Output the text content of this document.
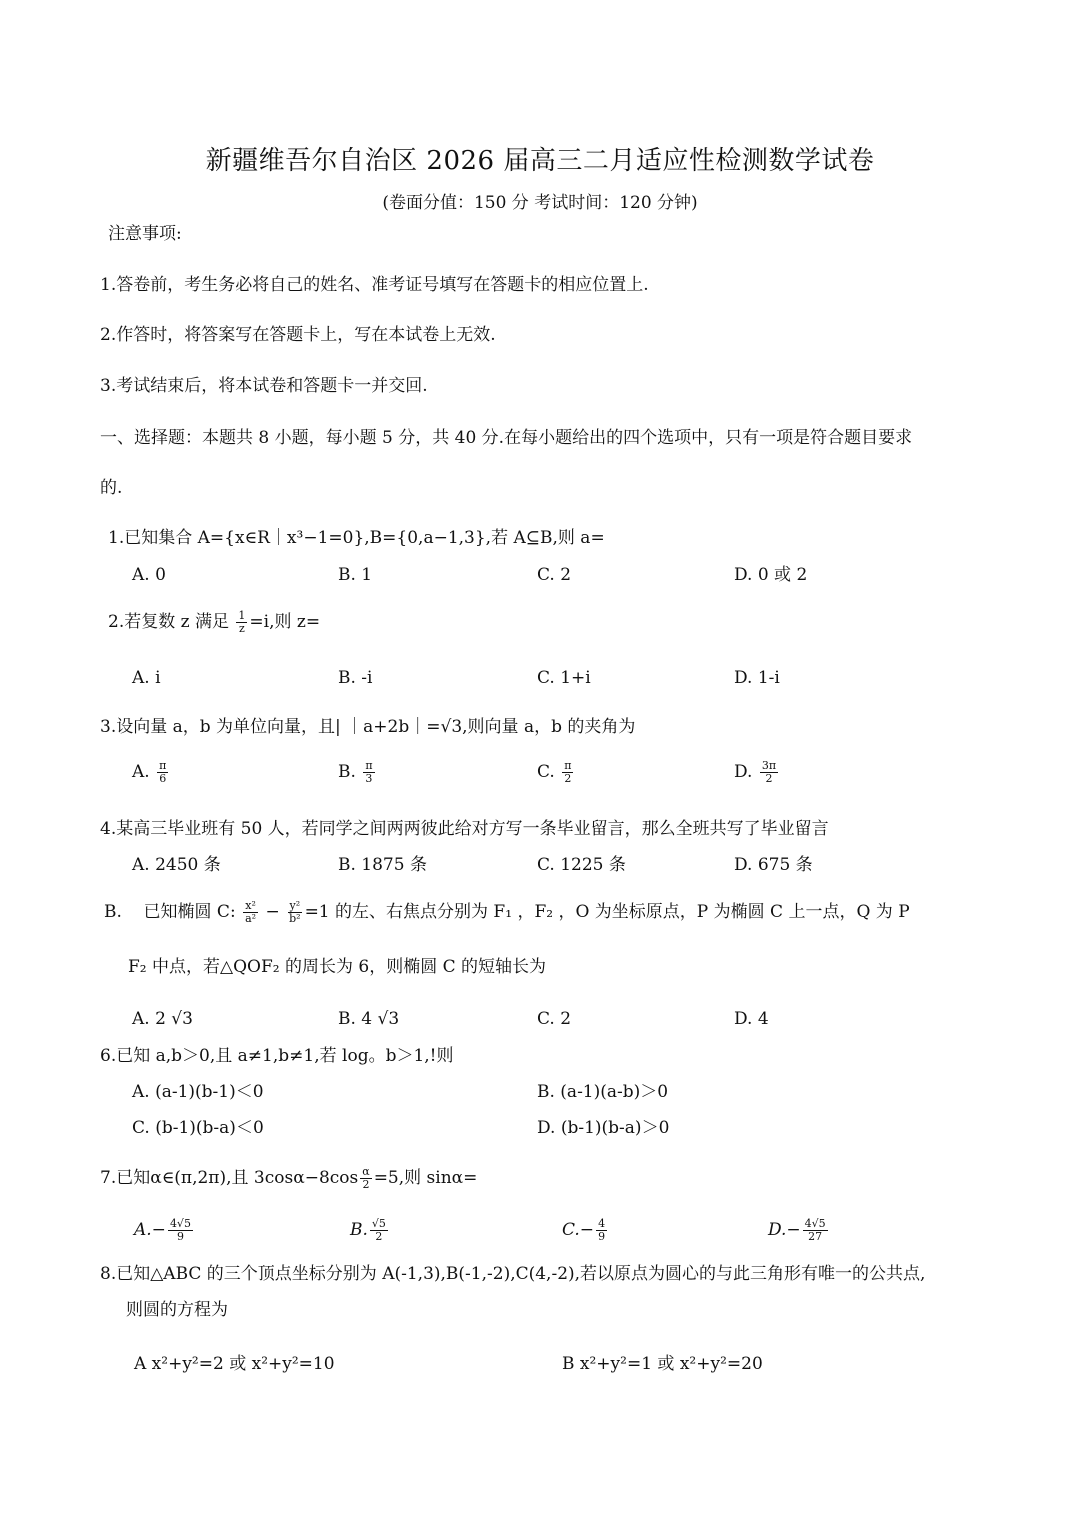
新疆维吾尔自治区 2026 届高三二月适应性检测数学试卷
(卷面分值：150 分 考试时间：120 分钟)
注意事项:
1.答卷前，考生务必将自己的姓名、准考证号填写在答题卡的相应位置上.
2.作答时，将答案写在答题卡上，写在本试卷上无效.
3.考试结束后，将本试卷和答题卡一并交回.
一、选择题：本题共 8 小题，每小题 5 分，共 40 分.在每小题给出的四个选项中，只有一项是符合题目要求
的.
1.已知集合 A={x∈R｜x³−1=0},B={0,a−1,3},若 A⊆B,则 a=
A. 0	B. 1	C. 2	D. 0 或 2
2.若复数 z 满足 $\frac{1}{z} =i$,则 z=
A. i	B. -i	C. 1+i	D. 1-i
3.设向量 a，b 为单位向量，且| ｜a+2b｜=√3,则向量 a，b 的夹角为
A. $\frac{\pi}{6}$	B. $\frac{\pi}{3}$	C. $\frac{\pi}{2}$	D. $\frac{3\pi}{2}$
4.某高三毕业班有 50 人，若同学之间两两彼此给对方写一条毕业留言，那么全班共写了毕业留言
A. 2450 条	B. 1875 条	C. 1225 条	D. 675 条
B. 已知椭圆 C: $\frac{\text{x²}}{\text{a²}} - \frac{\text{y²}}{\text{b²}} =1$ 的左、右焦点分别为 F₁ ，F₂ ，O 为坐标原点，P 为椭圆 C 上一点，Q 为 P
F₂ 中点，若△QOF₂ 的周长为 6，则椭圆 C 的短轴长为
A. 2 √3	B. 4 √3	C. 2	D. 4
6.已知 a,b＞0,且 a≠1,b≠1,若 log。b＞1,!则
A. (a-1)(b-1)＜0	B. (a-1)(a-b)＞0
C. (b-1)(b-a)＜0	D. (b-1)(b-a)＞0
7.已知α∈(π,2π),且 $3\cos\alpha-8\cos \frac{\alpha}{2} =5$,则 sinα=
$A.- \frac{4√5}{9}$	B. $\frac{√5}{2}$	$C.- \frac{4}{9}$	$D.- \frac{4√5}{27}$
8.已知△ABC 的三个顶点坐标分别为 A(-1,3),B(-1,-2),C(4,-2),若以原点为圆心的与此三角形有唯一的公共点,
则圆的方程为
A x²+y²=2 或 x²+y²=10	B x²+y²=1 或 x²+y²=20
